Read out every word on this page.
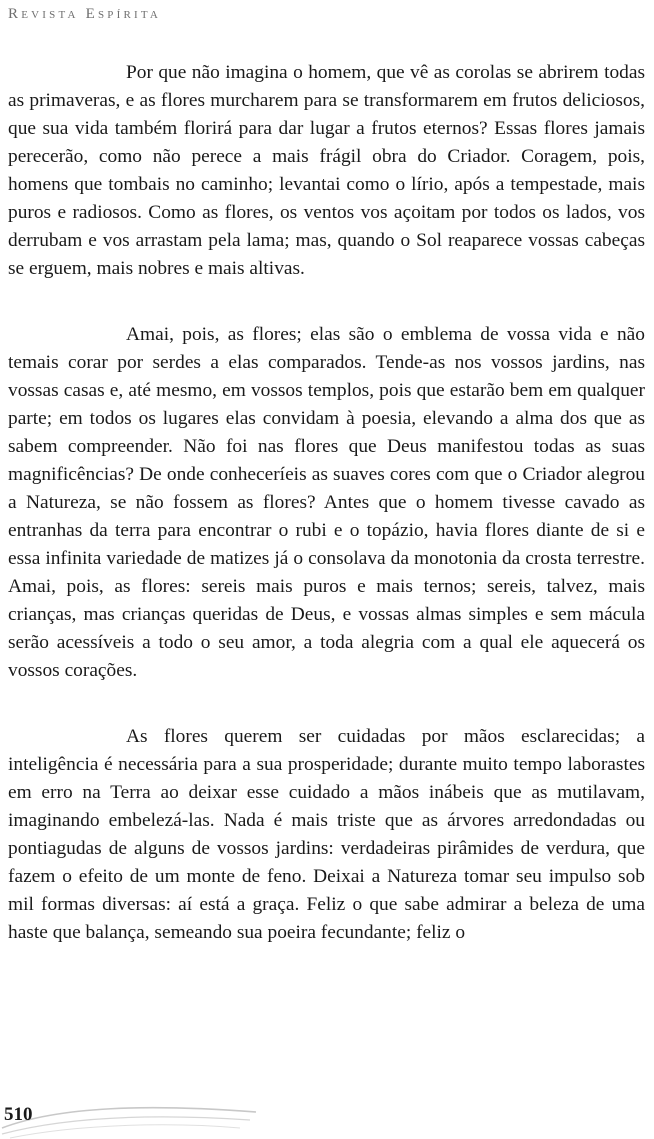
Revista Espírita

Por que não imagina o homem, que vê as corolas se abrirem todas as primaveras, e as flores murcharem para se transformarem em frutos deliciosos, que sua vida também florirá para dar lugar a frutos eternos? Essas flores jamais perecerão, como não perece a mais frágil obra do Criador. Coragem, pois, homens que tombais no caminho; levantai como o lírio, após a tempestade, mais puros e radiosos. Como as flores, os ventos vos açoitam por todos os lados, vos derrubam e vos arrastam pela lama; mas, quando o Sol reaparece vossas cabeças se erguem, mais nobres e mais altivas.

Amai, pois, as flores; elas são o emblema de vossa vida e não temais corar por serdes a elas comparados. Tende-as nos vossos jardins, nas vossas casas e, até mesmo, em vossos templos, pois que estarão bem em qualquer parte; em todos os lugares elas convidam à poesia, elevando a alma dos que as sabem compreender. Não foi nas flores que Deus manifestou todas as suas magnificências? De onde conheceríeis as suaves cores com que o Criador alegrou a Natureza, se não fossem as flores? Antes que o homem tivesse cavado as entranhas da terra para encontrar o rubi e o topázio, havia flores diante de si e essa infinita variedade de matizes já o consolava da monotonia da crosta terrestre. Amai, pois, as flores: sereis mais puros e mais ternos; sereis, talvez, mais crianças, mas crianças queridas de Deus, e vossas almas simples e sem mácula serão acessíveis a todo o seu amor, a toda alegria com a qual ele aquecerá os vossos corações.

As flores querem ser cuidadas por mãos esclarecidas; a inteligência é necessária para a sua prosperidade; durante muito tempo laborastes em erro na Terra ao deixar esse cuidado a mãos inábeis que as mutilavam, imaginando embelezá-las. Nada é mais triste que as árvores arredondadas ou pontiagudas de alguns de vossos jardins: verdadeiras pirâmides de verdura, que fazem o efeito de um monte de feno. Deixai a Natureza tomar seu impulso sob mil formas diversas: aí está a graça. Feliz o que sabe admirar a beleza de uma haste que balança, semeando sua poeira fecundante; feliz o

510
